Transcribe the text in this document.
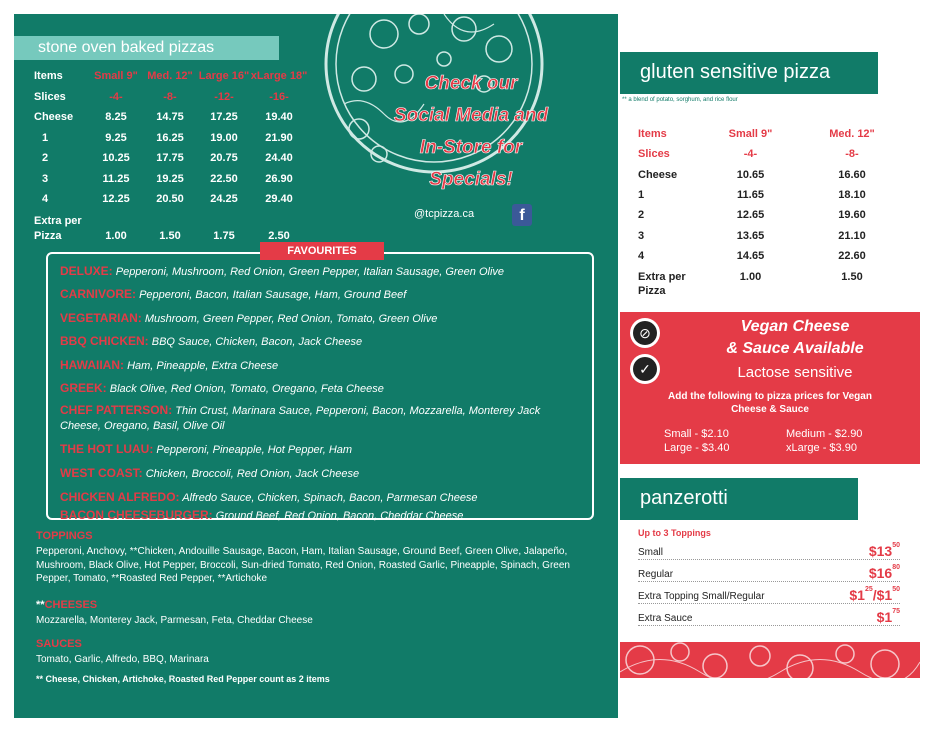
stone oven baked pizzas
Items	Small 9"	Med. 12"	Large 16"	xLarge 18"
Slices	-4-	-8-	-12-	-16-
Cheese	8.25	14.75	17.25	19.40
1	9.25	16.25	19.00	21.90
2	10.25	17.75	20.75	24.40
3	11.25	19.25	22.50	26.90
4	12.25	20.50	24.25	29.40
Extra per Pizza	1.00	1.50	1.75	2.50
Check our
Social Media and
In-Store for
Specials!
@tcpizza.ca	f
FAVOURITES
DELUXE: Pepperoni, Mushroom, Red Onion, Green Pepper, Italian Sausage, Green Olive
CARNIVORE: Pepperoni, Bacon, Italian Sausage, Ham, Ground Beef
VEGETARIAN: Mushroom, Green Pepper, Red Onion, Tomato, Green Olive
BBQ CHICKEN: BBQ Sauce, Chicken, Bacon, Jack Cheese
HAWAIIAN: Ham, Pineapple, Extra Cheese
GREEK: Black Olive, Red Onion, Tomato, Oregano, Feta Cheese
CHEF PATTERSON: Thin Crust, Marinara Sauce, Pepperoni, Bacon, Mozzarella, Monterey Jack Cheese, Oregano, Basil, Olive Oil
THE HOT LUAU: Pepperoni, Pineapple, Hot Pepper, Ham
WEST COAST: Chicken, Broccoli, Red Onion, Jack Cheese
CHICKEN ALFREDO: Alfredo Sauce, Chicken, Spinach, Bacon, Parmesan Cheese
BACON CHEESEBURGER: Ground Beef, Red Onion, Bacon, Cheddar Cheese
TOPPINGS
Pepperoni, Anchovy, **Chicken, Andouille Sausage, Bacon, Ham, Italian Sausage, Ground Beef, Green Olive, Jalapeño, Mushroom, Black Olive, Hot Pepper, Broccoli, Sun-dried Tomato, Red Onion, Roasted Garlic, Pineapple, Spinach, Green Pepper, Tomato, **Roasted Red Pepper, **Artichoke
**CHEESES
Mozzarella, Monterey Jack, Parmesan, Feta, Cheddar Cheese
SAUCES
Tomato, Garlic, Alfredo, BBQ, Marinara
** Cheese, Chicken, Artichoke, Roasted Red Pepper count as 2 items
gluten sensitive pizza
** a blend of potato, sorghum, and rice flour
Items	Small 9"	Med. 12"
Slices	-4-	-8-
Cheese	10.65	16.60
1	11.65	18.10
2	12.65	19.60
3	13.65	21.10
4	14.65	22.60
Extra per Pizza	1.00	1.50
⊘
✓
Vegan Cheese
& Sauce Available
Lactose sensitive
Add the following to pizza prices for Vegan Cheese & Sauce
Small - $2.10	Medium - $2.90
Large - $3.40	xLarge - $3.90
panzerotti
Up to 3 Toppings
Small	$\$13^{50}$
Regular	$\$16^{80}$
Extra Topping Small/Regular	$\$1^{25}/\$1^{50}$
Extra Sauce	$\$1^{75}$
